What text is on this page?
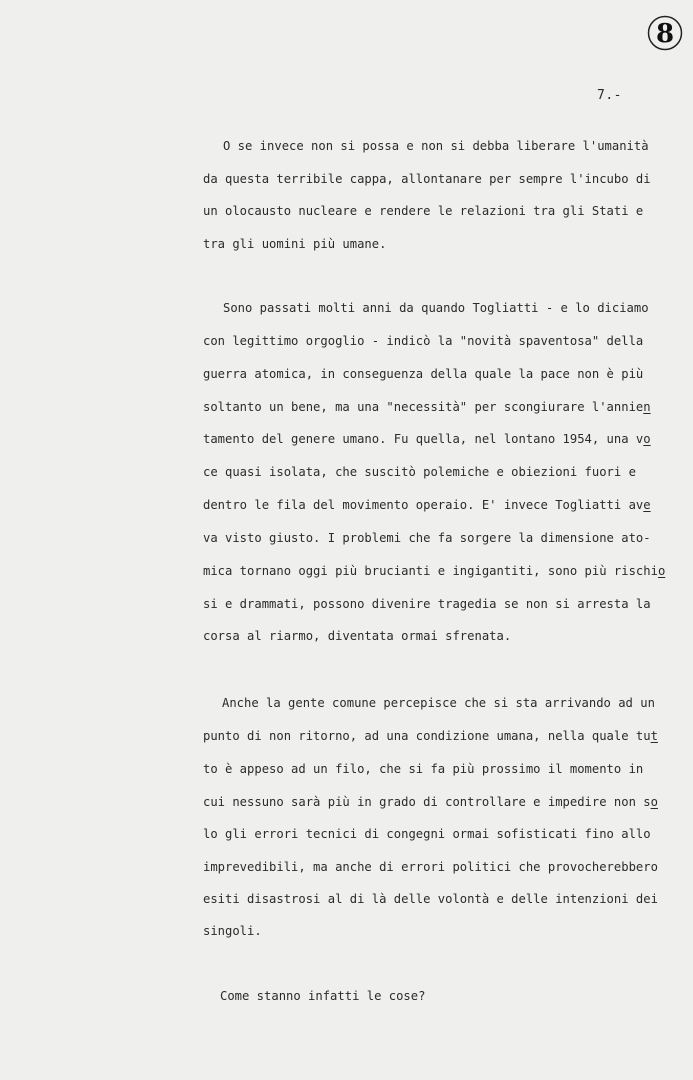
8
7.-
O se invece non si possa e non si debba liberare l'umanità
da questa terribile cappa, allontanare per sempre l'incubo di
un olocausto nucleare e rendere le relazioni tra gli Stati e
tra gli uomini più umane.
Sono passati molti anni da quando Togliatti - e lo diciamo
con legittimo orgoglio - indicò la "novità spaventosa" della
guerra atomica, in conseguenza della quale la pace non è più
soltanto un bene, ma una "necessità" per scongiurare l'annien
tamento del genere umano. Fu quella, nel lontano 1954, una vo
ce quasi isolata, che suscitò polemiche e obiezioni fuori e
dentro le fila del movimento operaio. E' invece Togliatti ave
va visto giusto. I problemi che fa sorgere la dimensione ato-
mica tornano oggi più brucianti e ingigantiti, sono più rischio
si e drammati, possono divenire tragedia se non si arresta la
corsa al riarmo, diventata ormai sfrenata.
Anche la gente comune percepisce che si sta arrivando ad un
punto di non ritorno, ad una condizione umana, nella quale tut
to è appeso ad un filo, che si fa più prossimo il momento in
cui nessuno sarà più in grado di controllare e impedire non so
lo gli errori tecnici di congegni ormai sofisticati fino allo
imprevedibili, ma anche di errori politici che provocherebbero
esiti disastrosi al di là delle volontà e delle intenzioni dei
singoli.
Come stanno infatti le cose?
